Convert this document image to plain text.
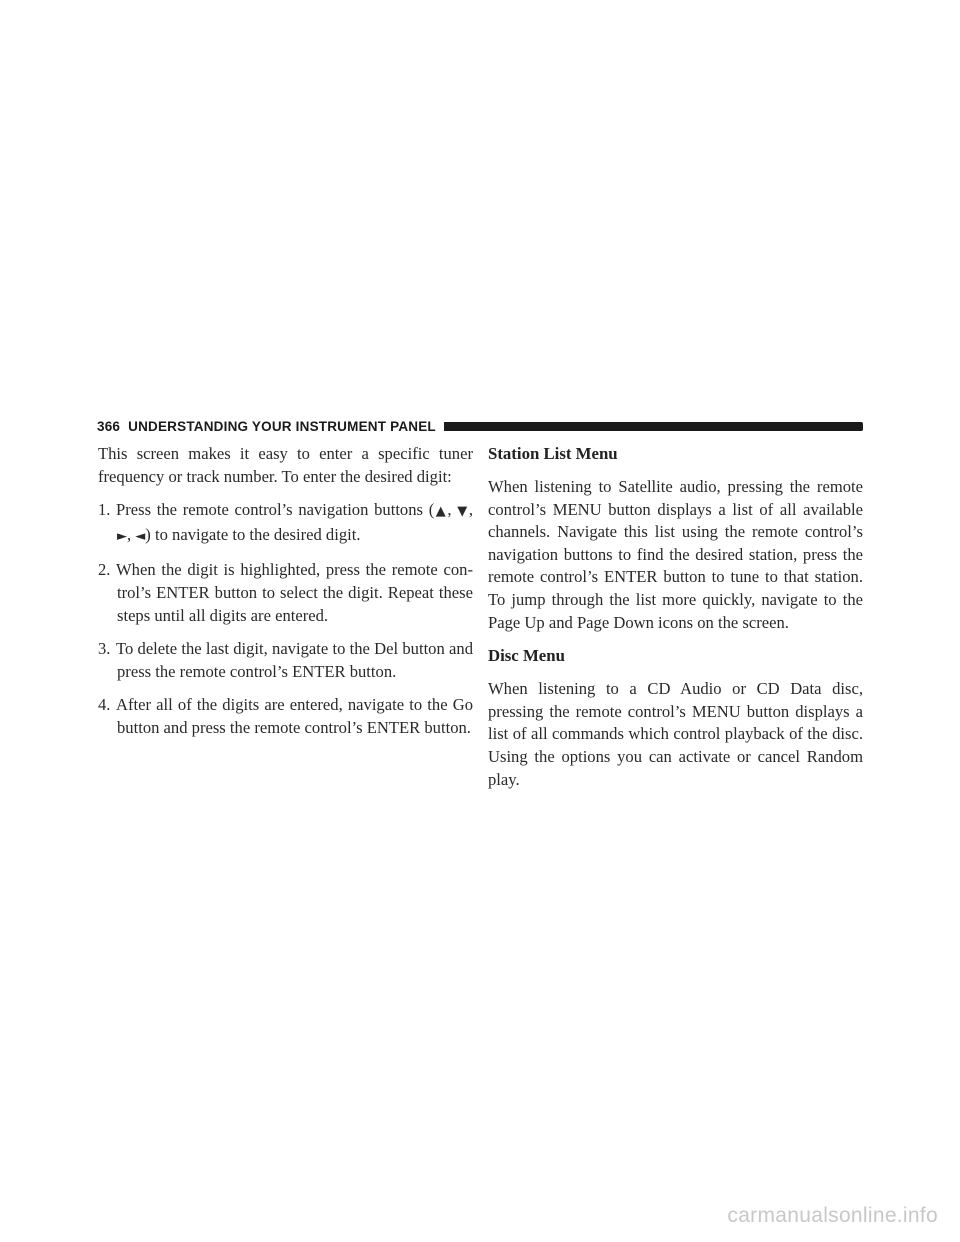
366 UNDERSTANDING YOUR INSTRUMENT PANEL

This screen makes it easy to enter a specific tuner frequency or track number. To enter the desired digit:

1. Press the remote control’s navigation buttons (▲, ▼, ►, ◄) to navigate to the desired digit.
2. When the digit is highlighted, press the remote con- trol’s ENTER button to select the digit. Repeat these steps until all digits are entered.
3. To delete the last digit, navigate to the Del button and press the remote control’s ENTER button.
4. After all of the digits are entered, navigate to the Go button and press the remote control’s ENTER button.
Station List Menu

When listening to Satellite audio, pressing the remote control’s MENU button displays a list of all available channels. Navigate this list using the remote control’s navigation buttons to find the desired station, press the remote control’s ENTER button to tune to that station. To jump through the list more quickly, navigate to the Page Up and Page Down icons on the screen.

Disc Menu

When listening to a CD Audio or CD Data disc, pressing the remote control’s MENU button displays a list of all commands which control playback of the disc. Using the options you can activate or cancel Random play.

carmanualsonline.info
